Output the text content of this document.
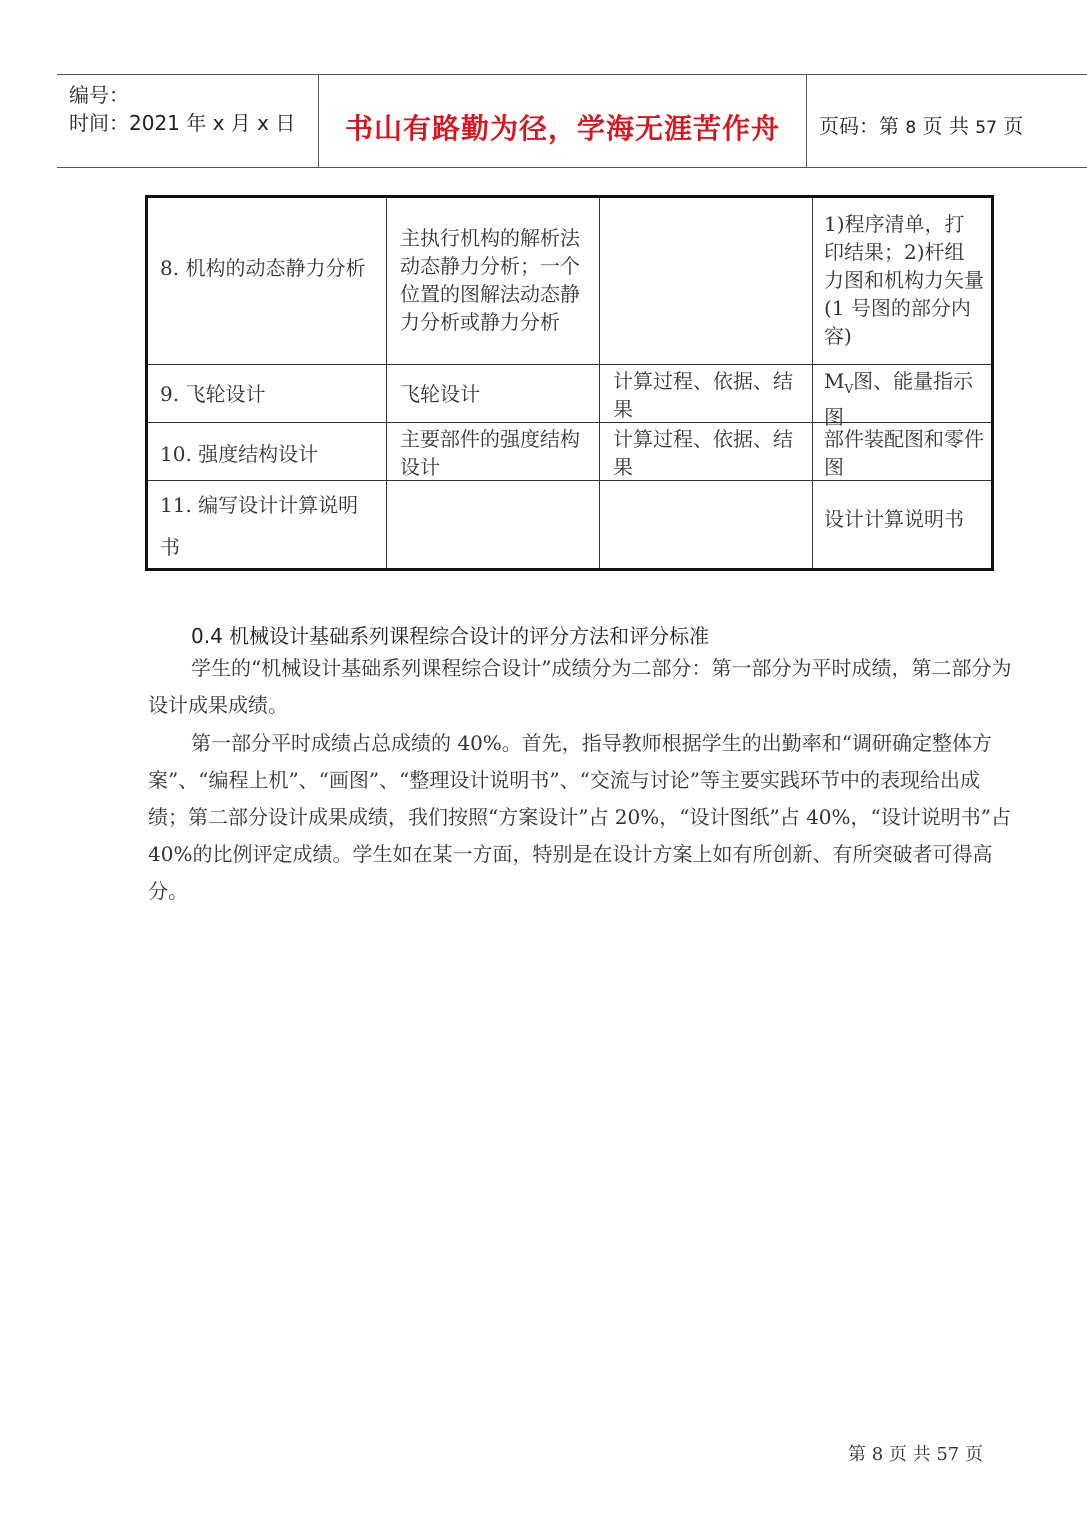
编号：
时间：2021 年 x 月 x 日 书山有路勤为径，学海无涯苦作舟 页码：第 8 页 共 57 页
8. 机构的动态静力分析
主执行机构的解析法动态静力分析；一个位置的图解法动态静力分析或静力分析
1)程序清单，打印结果；2)杆组力图和机构力矢量(1 号图的部分内容)
9. 飞轮设计	飞轮设计
计算过程、依据、结果
$M_V$图、能量指示图
10. 强度结构设计
主要部件的强度结构设计
计算过程、依据、结果
部件装配图和零件图
11. 编写设计计算说明
书
设计计算说明书
0.4 机械设计基础系列课程综合设计的评分方法和评分标准
学生的“机械设计基础系列课程综合设计”成绩分为二部分：第一部分为平时成绩，第二部分为设计成果成绩。
第一部分平时成绩占总成绩的 40%。首先，指导教师根据学生的出勤率和“调研确定整体方案”、“编程上机”、“画图”、“整理设计说明书”、“交流与讨论”等主要实践环节中的表现给出成绩；第二部分设计成果成绩，我们按照“方案设计”占 20%，“设计图纸”占 40%，“设计说明书”占 40%的比例评定成绩。学生如在某一方面，特别是在设计方案上如有所创新、有所突破者可得高分。
第 8 页 共 57 页
